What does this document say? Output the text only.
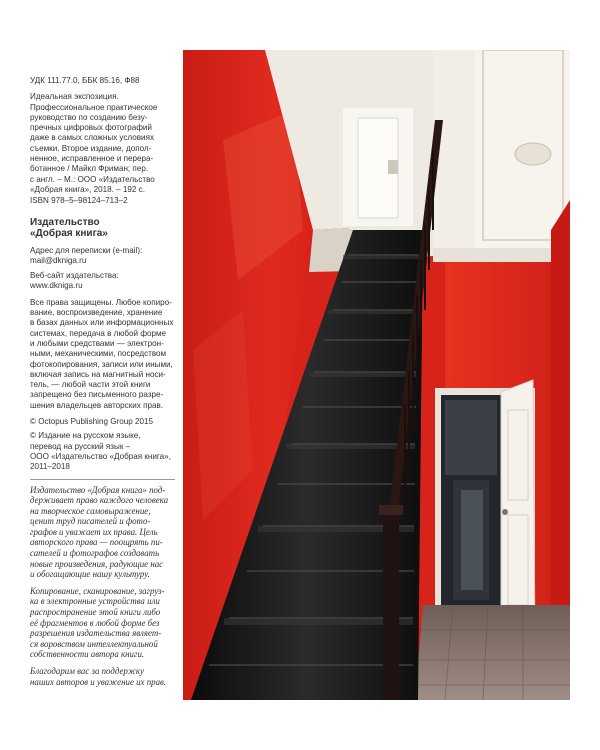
УДК 111.77.0, ББК 85.16, Ф88

Идеальная экспозиция.
Профессиональное практическое
руководство по созданию безу-
пречных цифровых фотографий
даже в самых сложных условиях
съемки. Второе издание, допол-
ненное, исправленное и перера-
ботанное / Майкл Фриман; пер.
с англ. – М.: ООО «Издательство
«Добрая книга», 2018. – 192 с.

ISBN 978–5–98124–713–2

Издательство
«Добрая книга»

Адрес для переписки (e-mail):
mail@dkniga.ru

Веб-сайт издательства:
www.dkniga.ru

Все права защищены. Любое копиро-
вание, воспроизведение, хранение
в базах данных или информационных
системах, передача в любой форме
и любыми средствами — электрон-
ными, механическими, посредством
фотокопирования, записи или иными,
включая запись на магнитный носи-
тель, — любой части этой книги
запрещено без письменного разре-
шения владельцев авторских прав.

© Octopus Publishing Group 2015

© Издание на русском языке,
перевод на русский язык –
ООО «Издательство «Добрая книга»,
2011–2018

Издательство «Добрая книга» под-
держивает право каждого человека
на творческое самовыражение,
ценит труд писателей и фото-
графов и уважает их права. Цель
авторского права — поощрять пи-
сателей и фотографов создавать
новые произведения, радующие нас
и обогащающие нашу культуру.

Копирование, сканирование, загруз-
ка в электронные устройства или
распространение этой книги либо
её фрагментов в любой форме без
разрешения издательства являет-
ся воровством интеллектуальной
собственности автора книги.

Благодарим вас за поддержку
наших авторов и уважение их прав.
